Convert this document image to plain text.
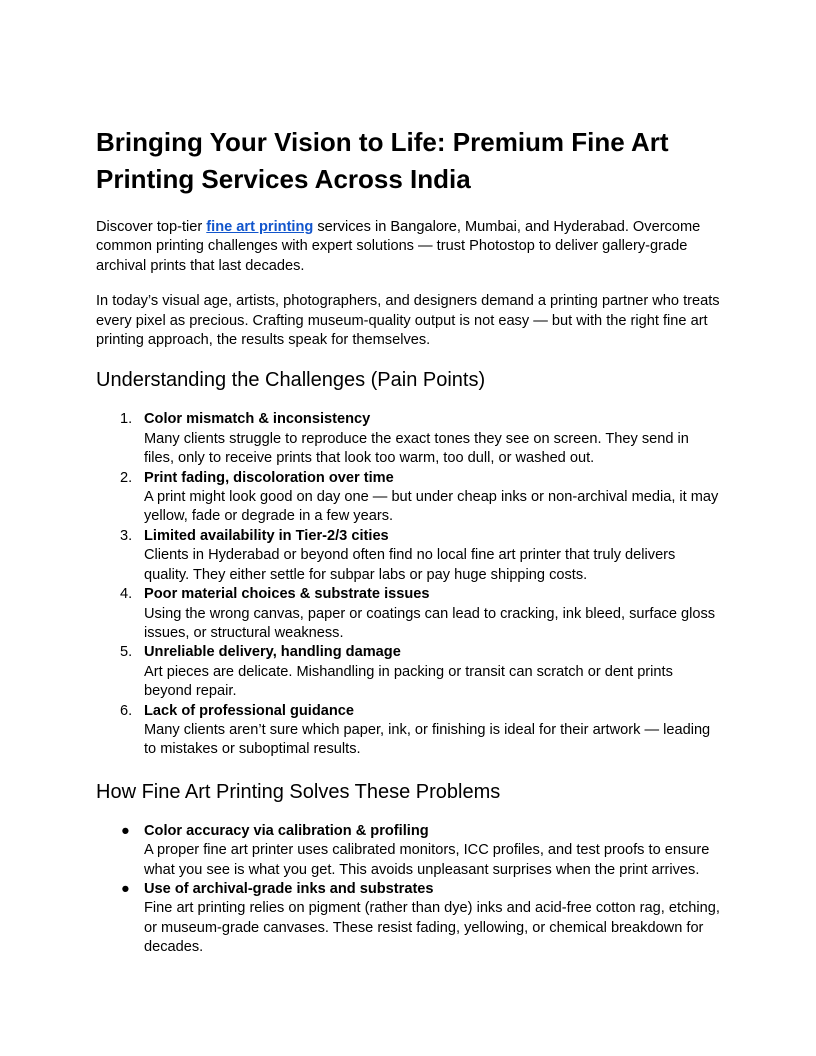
Bringing Your Vision to Life: Premium Fine Art Printing Services Across India

Discover top-tier fine art printing services in Bangalore, Mumbai, and Hyderabad. Overcome common printing challenges with expert solutions — trust Photostop to deliver gallery-grade archival prints that last decades.

In today’s visual age, artists, photographers, and designers demand a printing partner who treats every pixel as precious. Crafting museum-quality output is not easy — but with the right fine art printing approach, the results speak for themselves.

Understanding the Challenges (Pain Points)
1. Color mismatch & inconsistency
Many clients struggle to reproduce the exact tones they see on screen. They send in files, only to receive prints that look too warm, too dull, or washed out.
2. Print fading, discoloration over time
A print might look good on day one — but under cheap inks or non-archival media, it may yellow, fade or degrade in a few years.
3. Limited availability in Tier-2/3 cities
Clients in Hyderabad or beyond often find no local fine art printer that truly delivers quality. They either settle for subpar labs or pay huge shipping costs.
4. Poor material choices & substrate issues
Using the wrong canvas, paper or coatings can lead to cracking, ink bleed, surface gloss issues, or structural weakness.
5. Unreliable delivery, handling damage
Art pieces are delicate. Mishandling in packing or transit can scratch or dent prints beyond repair.
6. Lack of professional guidance
Many clients aren’t sure which paper, ink, or finishing is ideal for their artwork — leading to mistakes or suboptimal results.
How Fine Art Printing Solves These Problems
● Color accuracy via calibration & profiling
A proper fine art printer uses calibrated monitors, ICC profiles, and test proofs to ensure what you see is what you get. This avoids unpleasant surprises when the print arrives.
● Use of archival-grade inks and substrates
Fine art printing relies on pigment (rather than dye) inks and acid-free cotton rag, etching, or museum-grade canvases. These resist fading, yellowing, or chemical breakdown for decades.
